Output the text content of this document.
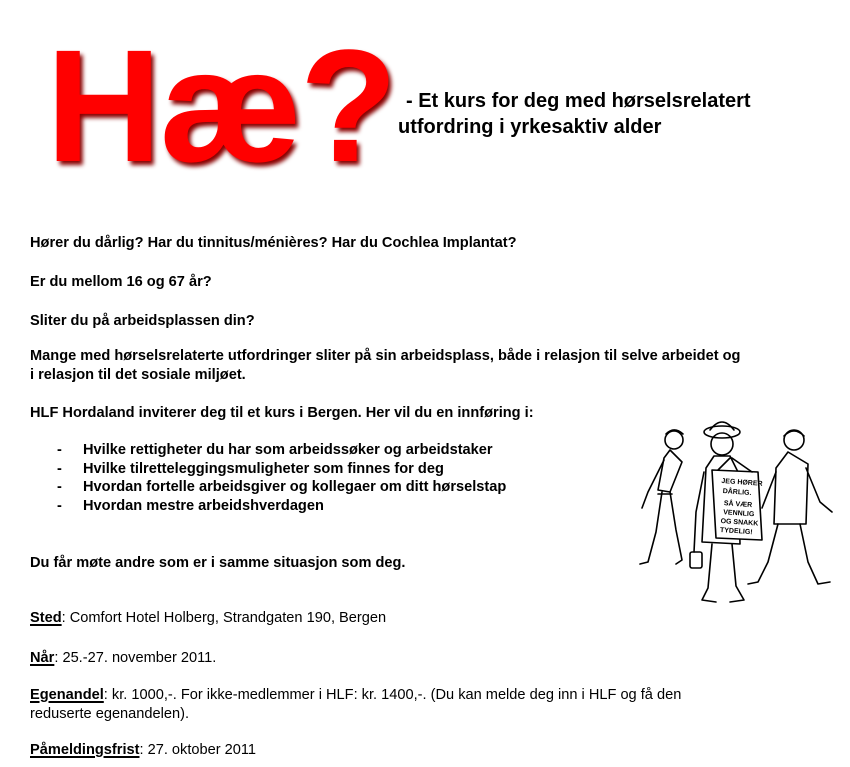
Hæ? - Et kurs for deg med hørselsrelatert
utfordring i yrkesaktiv alder
Hører du dårlig? Har du tinnitus/ménières? Har du Cochlea Implantat?
Er du mellom 16 og 67 år?
Sliter du på arbeidsplassen din?
Mange med hørselsrelaterte utfordringer sliter på sin arbeidsplass, både i relasjon til selve arbeidet og
i relasjon til det sosiale miljøet.
HLF Hordaland inviterer deg til et kurs i Bergen. Her vil du en innføring i:
-	Hvilke rettigheter du har som arbeidssøker og arbeidstaker
-	Hvilke tilretteleggingsmuligheter som finnes for deg
-	Hvordan fortelle arbeidsgiver og kollegaer om ditt hørselstap
-	Hvordan mestre arbeidshverdagen
Du får møte andre som er i samme situasjon som deg.
Sted: Comfort Hotel Holberg, Strandgaten 190, Bergen
Når: 25.-27. november 2011.
Egenandel: kr. 1000,-. For ikke-medlemmer i HLF: kr. 1400,-. (Du kan melde deg inn i HLF og få den
reduserte egenandelen).
Påmeldingsfrist: 27. oktober 2011
JEG HØRER
DÅRLIG.
SÅ VÆR
VENNLIG
OG SNAKK
TYDELIG!
